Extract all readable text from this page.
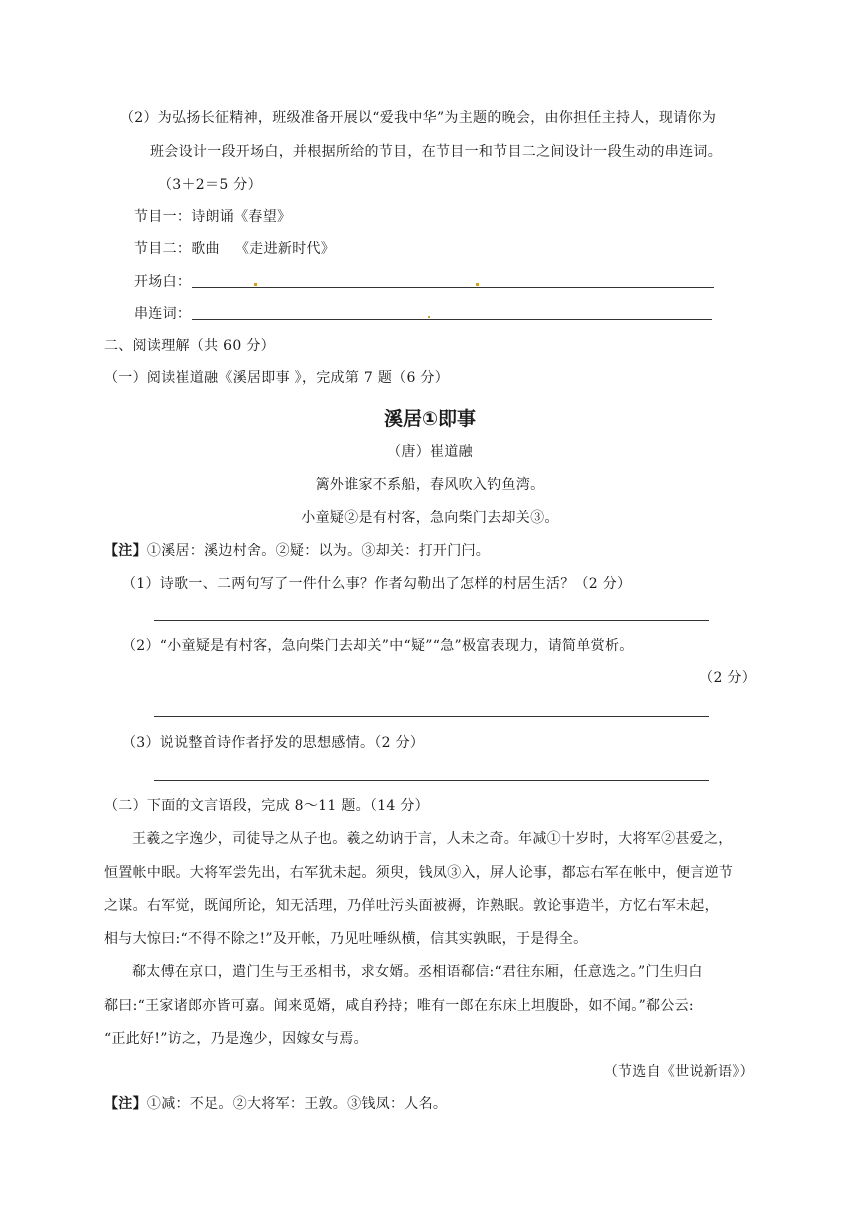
（2）为弘扬长征精神，班级准备开展以“爱我中华”为主题的晚会，由你担任主持人，现请你为
班会设计一段开场白，并根据所给的节目，在节目一和节目二之间设计一段生动的串连词。
（3＋2＝5 分）
节目一：诗朗诵《春望》
节目二：歌曲 《走进新时代》
开场白：
串连词：
二、阅读理解（共 60 分）
（一）阅读崔道融《溪居即事 》，完成第 7 题（6 分）
溪居①即事
（唐）崔道融
篱外谁家不系船，春风吹入钓鱼湾。
小童疑②是有村客，急向柴门去却关③。
【注】①溪居：溪边村舍。②疑：以为。③却关：打开门闩。
（1）诗歌一、二两句写了一件什么事？作者勾勒出了怎样的村居生活？（2 分）
（2）“小童疑是有村客，急向柴门去却关”中“疑”“急”极富表现力，请简单赏析。
（2 分）
（3）说说整首诗作者抒发的思想感情。（2 分）
（二）下面的文言语段，完成 8～11 题。（14 分）
王羲之字逸少，司徒导之从子也。羲之幼讷于言，人未之奇。年减①十岁时，大将军②甚爱之，
恒置帐中眠。大将军尝先出，右军犹未起。须臾，钱凤③入，屏人论事，都忘右军在帐中，便言逆节
之谋。右军觉，既闻所论，知无活理，乃佯吐污头面被褥，诈熟眠。敦论事造半，方忆右军未起，
相与大惊曰:“不得不除之!”及开帐，乃见吐唾纵横，信其实孰眠，于是得全。
郗太傅在京口，遣门生与王丞相书，求女婿。丞相语郗信:“君往东厢，任意选之。”门生归白
郗曰:“王家诸郎亦皆可嘉。闻来觅婿，咸自矜持；唯有一郎在东床上坦腹卧，如不闻。”郗公云:
“正此好!”访之，乃是逸少，因嫁女与焉。
（节选自《世说新语》）
【注】①减：不足。②大将军：王敦。③钱凤：人名。
